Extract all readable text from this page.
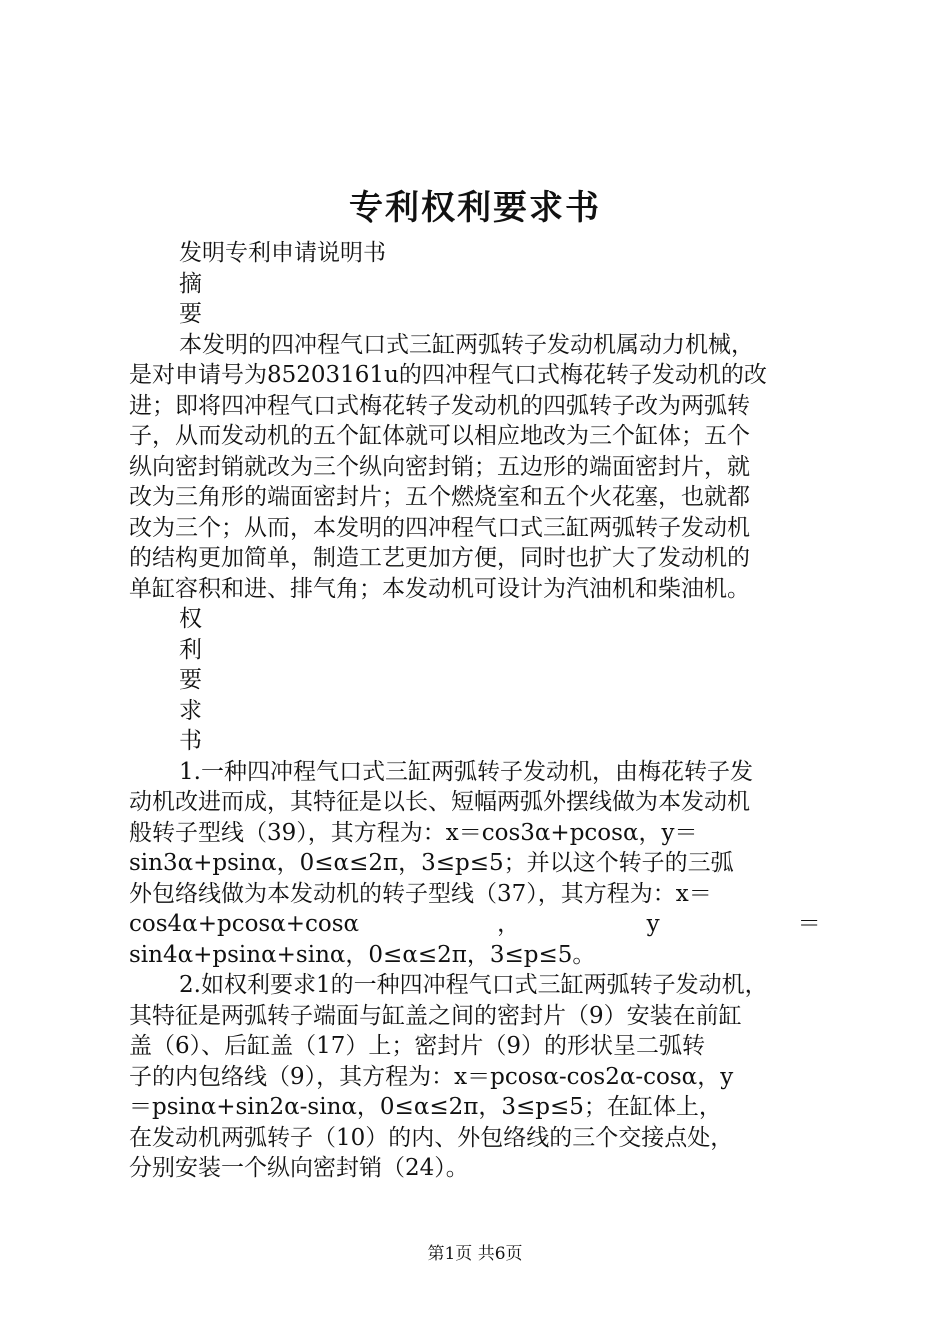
专利权利要求书
发明专利申请说明书
摘
要
本发明的四冲程气口式三缸两弧转子发动机属动力机械，
是对申请号为85203161u的四冲程气口式梅花转子发动机的改
进；即将四冲程气口式梅花转子发动机的四弧转子改为两弧转
子，从而发动机的五个缸体就可以相应地改为三个缸体；五个
纵向密封销就改为三个纵向密封销；五边形的端面密封片，就
改为三角形的端面密封片；五个燃烧室和五个火花塞，也就都
改为三个；从而，本发明的四冲程气口式三缸两弧转子发动机
的结构更加简单，制造工艺更加方便，同时也扩大了发动机的
单缸容积和进、排气角；本发动机可设计为汽油机和柴油机。
权
利
要
求
书
1.一种四冲程气口式三缸两弧转子发动机，由梅花转子发
动机改进而成，其特征是以长、短幅两弧外摆线做为本发动机
般转子型线（39），其方程为：x＝cos3α+pcosα，y＝
sin3α+psinα，0≤α≤2π，3≤p≤5；并以这个转子的三弧
外包络线做为本发动机的转子型线（37），其方程为：x＝
cos4α+pcosα+cosα　　　　　　，　　　　　　y　　　　　　＝
sin4α+psinα+sinα，0≤α≤2π，3≤p≤5。
2.如权利要求1的一种四冲程气口式三缸两弧转子发动机，
其特征是两弧转子端面与缸盖之间的密封片（9）安装在前缸
盖（6）、后缸盖（17）上；密封片（9）的形状呈二弧转
子的内包络线（9），其方程为：x＝pcosα-cos2α-cosα，y
＝psinα+sin2α-sinα，0≤α≤2π，3≤p≤5；在缸体上，
在发动机两弧转子（10）的内、外包络线的三个交接点处，
分别安装一个纵向密封销（24）。
第1页 共6页
